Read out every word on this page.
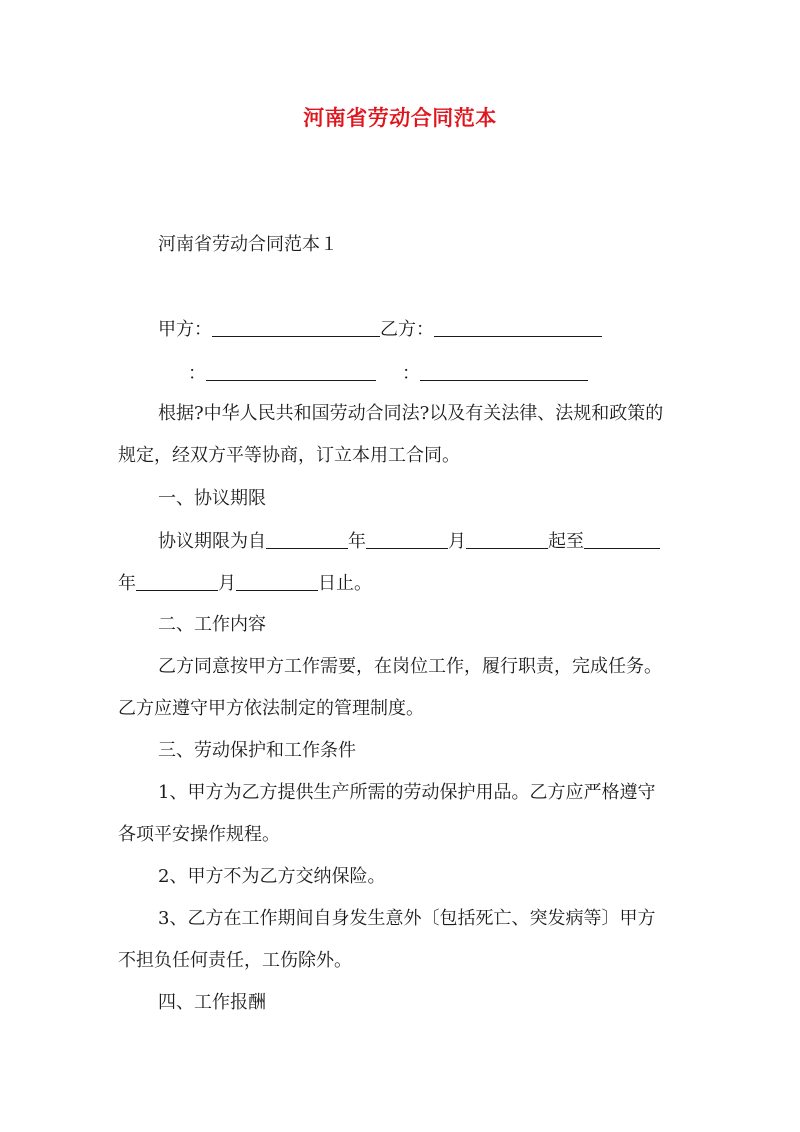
河南省劳动合同范本
河南省劳动合同范本１
甲方：	乙方：
：	：
根据?中华人民共和国劳动合同法?以及有关法律、法规和政策的
规定，经双方平等协商，订立本用工合同。
一、协议期限
协议期限为自	年	月	起至
年	月	日止。
二、工作内容
乙方同意按甲方工作需要，在岗位工作，履行职责，完成任务。
乙方应遵守甲方依法制定的管理制度。
三、劳动保护和工作条件
1、甲方为乙方提供生产所需的劳动保护用品。乙方应严格遵守
各项平安操作规程。
2、甲方不为乙方交纳保险。
3、乙方在工作期间自身发生意外〔包括死亡、突发病等〕甲方
不担负任何责任，工伤除外。
四、工作报酬
